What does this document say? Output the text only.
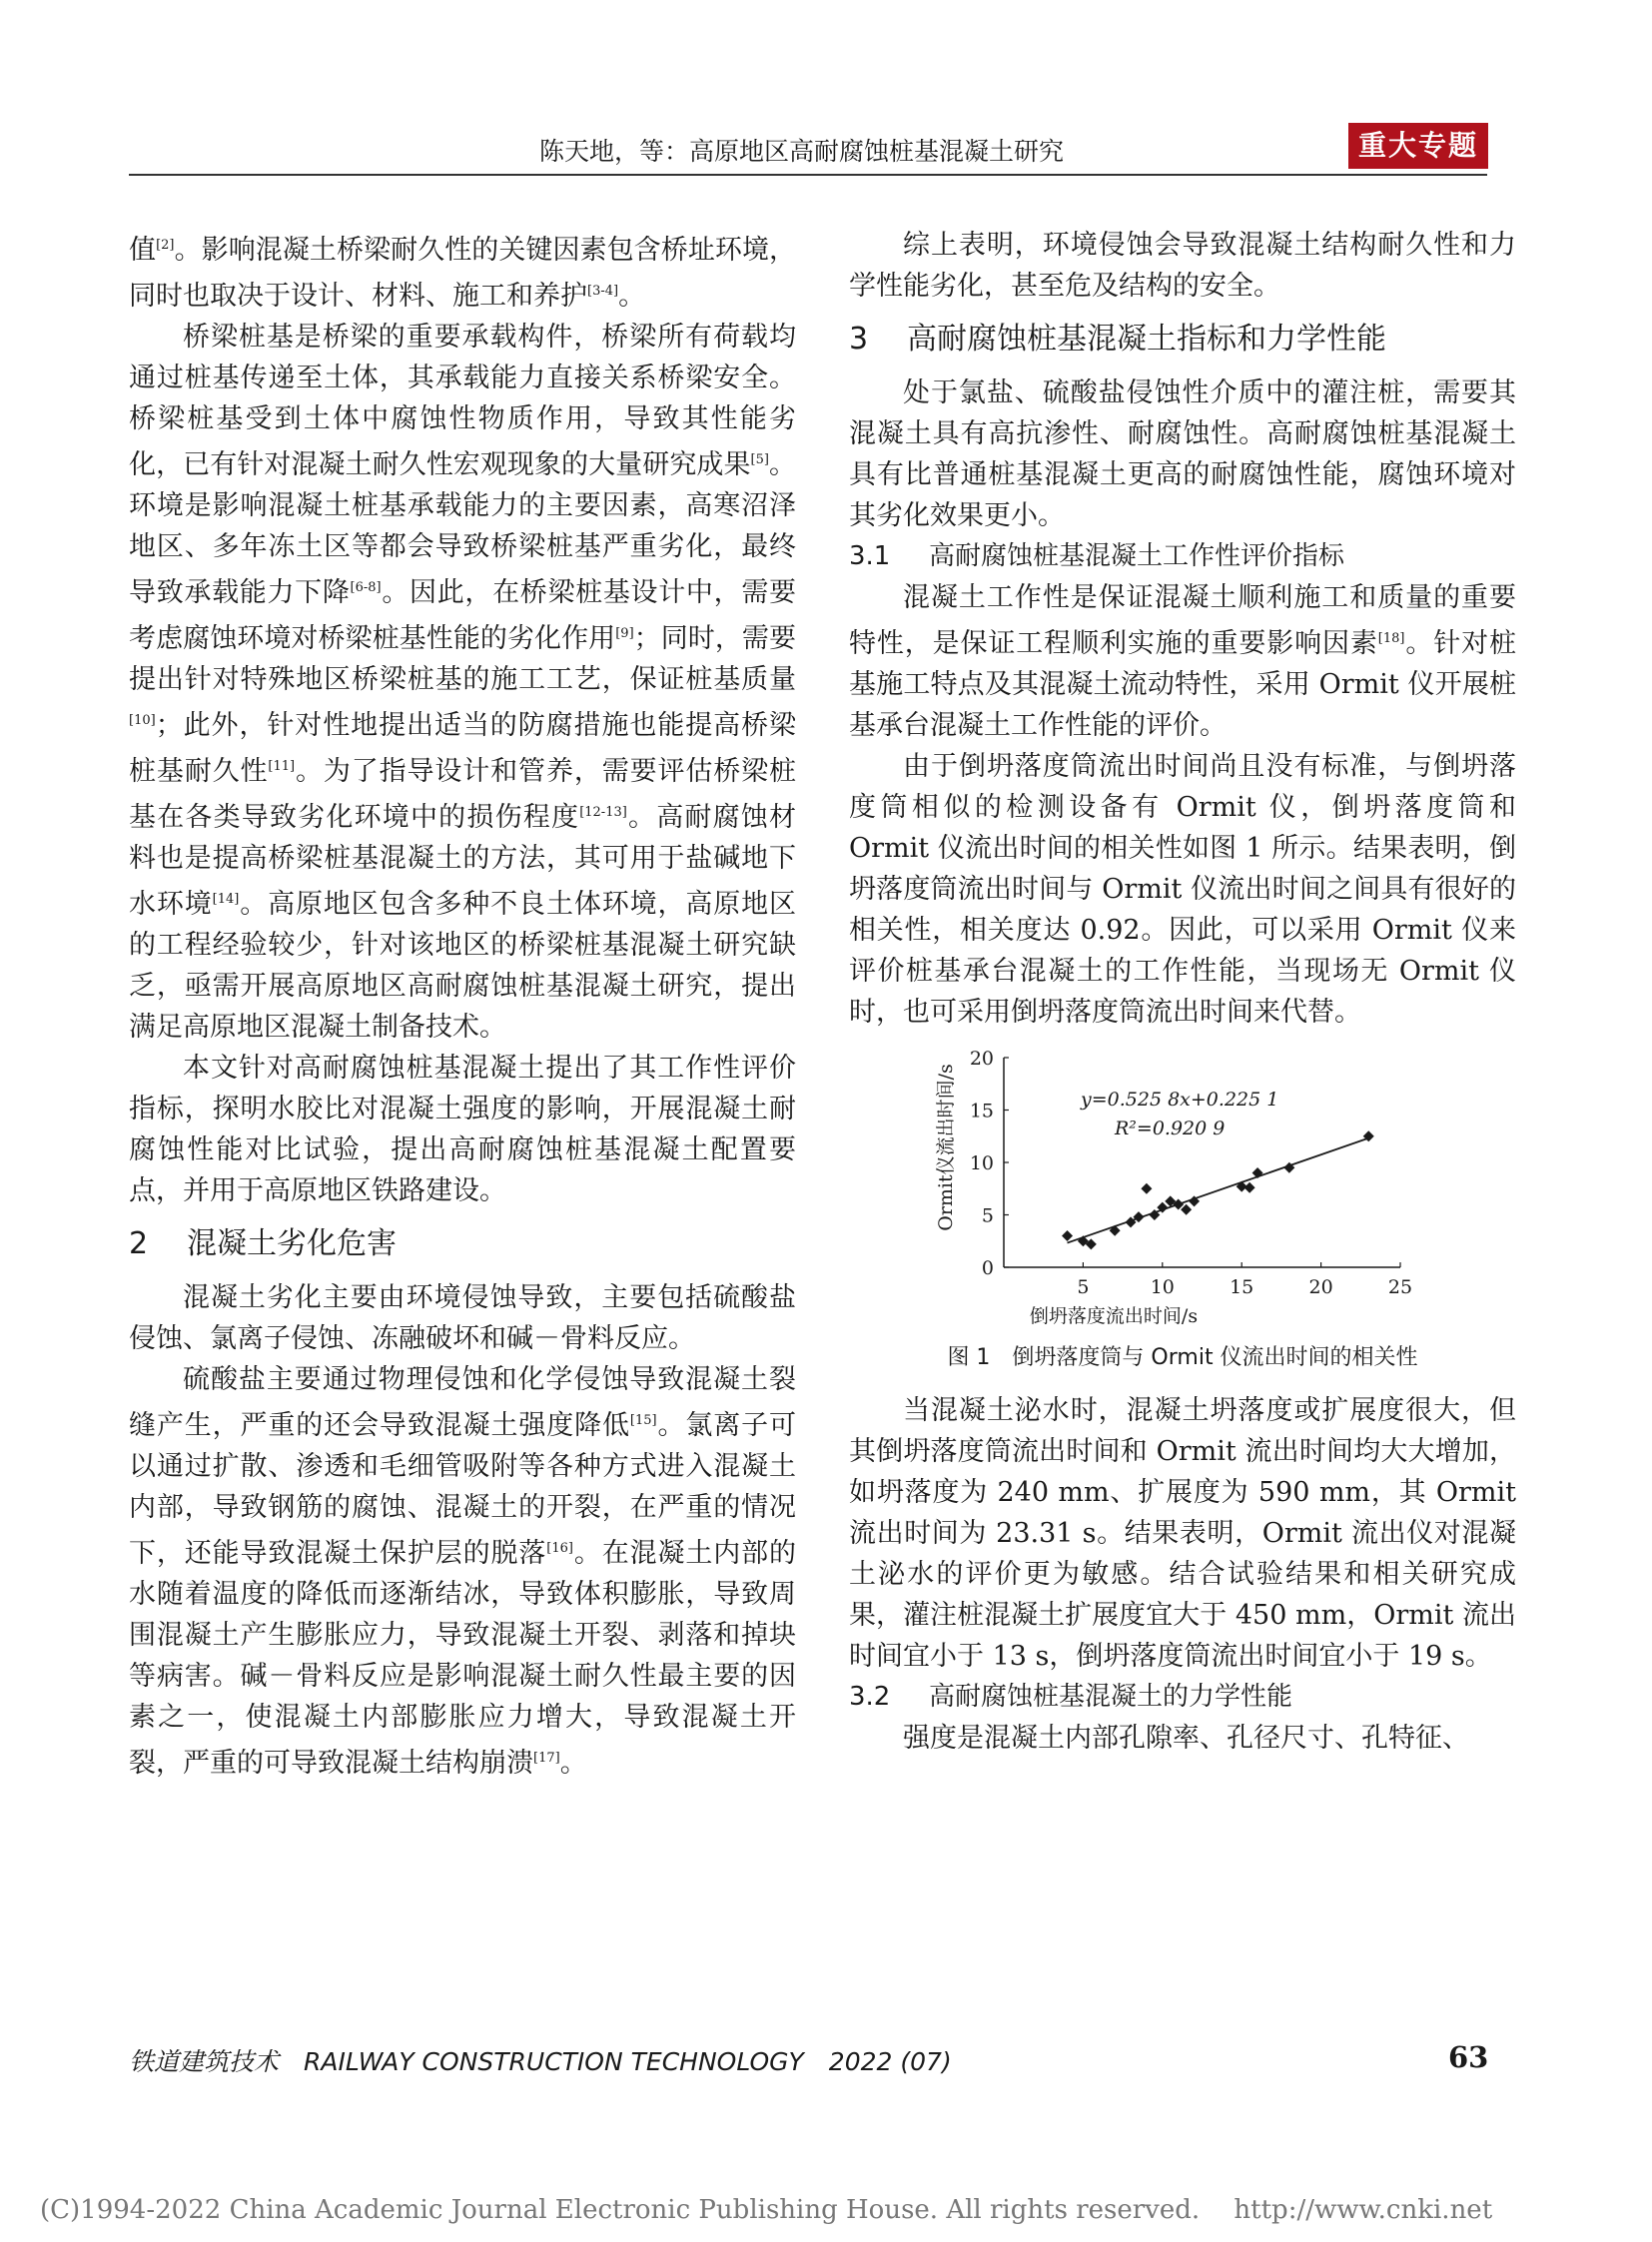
陈天地，等：高原地区高耐腐蚀桩基混凝土研究	重大专题

值[2]。影响混凝土桥梁耐久性的关键因素包含桥址环境，同时也取决于设计、材料、施工和养护[3-4]。

桥梁桩基是桥梁的重要承载构件，桥梁所有荷载均通过桩基传递至土体，其承载能力直接关系桥梁安全。桥梁桩基受到土体中腐蚀性物质作用，导致其性能劣化，已有针对混凝土耐久性宏观现象的大量研究成果[5]。环境是影响混凝土桩基承载能力的主要因素，高寒沼泽地区、多年冻土区等都会导致桥梁桩基严重劣化，最终导致承载能力下降[6-8]。因此，在桥梁桩基设计中，需要考虑腐蚀环境对桥梁桩基性能的劣化作用[9]；同时，需要提出针对特殊地区桥梁桩基的施工工艺，保证桩基质量[10]；此外，针对性地提出适当的防腐措施也能提高桥梁桩基耐久性[11]。为了指导设计和管养，需要评估桥梁桩基在各类导致劣化环境中的损伤程度[12-13]。高耐腐蚀材料也是提高桥梁桩基混凝土的方法，其可用于盐碱地下水环境[14]。高原地区包含多种不良土体环境，高原地区的工程经验较少，针对该地区的桥梁桩基混凝土研究缺乏，亟需开展高原地区高耐腐蚀桩基混凝土研究，提出满足高原地区混凝土制备技术。

本文针对高耐腐蚀桩基混凝土提出了其工作性评价指标，探明水胶比对混凝土强度的影响，开展混凝土耐腐蚀性能对比试验，提出高耐腐蚀桩基混凝土配置要点，并用于高原地区铁路建设。

2 混凝土劣化危害

混凝土劣化主要由环境侵蚀导致，主要包括硫酸盐侵蚀、氯离子侵蚀、冻融破坏和碱－骨料反应。

硫酸盐主要通过物理侵蚀和化学侵蚀导致混凝土裂缝产生，严重的还会导致混凝土强度降低[15]。氯离子可以通过扩散、渗透和毛细管吸附等各种方式进入混凝土内部，导致钢筋的腐蚀、混凝土的开裂，在严重的情况下，还能导致混凝土保护层的脱落[16]。在混凝土内部的水随着温度的降低而逐渐结冰，导致体积膨胀，导致周围混凝土产生膨胀应力，导致混凝土开裂、剥落和掉块等病害。碱－骨料反应是影响混凝土耐久性最主要的因素之一，使混凝土内部膨胀应力增大，导致混凝土开裂，严重的可导致混凝土结构崩溃[17]。

综上表明，环境侵蚀会导致混凝土结构耐久性和力学性能劣化，甚至危及结构的安全。

3 高耐腐蚀桩基混凝土指标和力学性能

处于氯盐、硫酸盐侵蚀性介质中的灌注桩，需要其混凝土具有高抗渗性、耐腐蚀性。高耐腐蚀桩基混凝土具有比普通桩基混凝土更高的耐腐蚀性能，腐蚀环境对其劣化效果更小。

3.1 高耐腐蚀桩基混凝土工作性评价指标

混凝土工作性是保证混凝土顺利施工和质量的重要特性，是保证工程顺利实施的重要影响因素[18]。针对桩基施工特点及其混凝土流动特性，采用 Ormit 仪开展桩基承台混凝土工作性能的评价。

由于倒坍落度筒流出时间尚且没有标准，与倒坍落度筒相似的检测设备有 Ormit 仪，倒坍落度筒和 Ormit 仪流出时间的相关性如图 1 所示。结果表明，倒坍落度筒流出时间与 Ormit 仪流出时间之间具有很好的相关性，相关度达 0.92。因此，可以采用 Ormit 仪来评价桩基承台混凝土的工作性能，当现场无 Ormit 仪时，也可采用倒坍落度筒流出时间来代替。

Ormit仪流出时间/s
倒坍落度流出时间/s
y=0.525 8x+0.225 1
R²=0.920 9
5	10	15	20	25
0
5
10
15
20
图 1　倒坍落度筒与 Ormit 仪流出时间的相关性

当混凝土泌水时，混凝土坍落度或扩展度很大，但其倒坍落度筒流出时间和 Ormit 流出时间均大大增加，如坍落度为 240 mm、扩展度为 590 mm，其 Ormit 流出时间为 23.31 s。结果表明，Ormit 流出仪对混凝土泌水的评价更为敏感。结合试验结果和相关研究成果，灌注桩混凝土扩展度宜大于 450 mm，Ormit 流出时间宜小于 13 s，倒坍落度筒流出时间宜小于 19 s。

3.2 高耐腐蚀桩基混凝土的力学性能

强度是混凝土内部孔隙率、孔径尺寸、孔特征、

铁道建筑技术　RAILWAY CONSTRUCTION TECHNOLOGY　2022 (07)	63
(C)1994-2022 China Academic Journal Electronic Publishing House. All rights reserved.　 http://www.cnki.net
